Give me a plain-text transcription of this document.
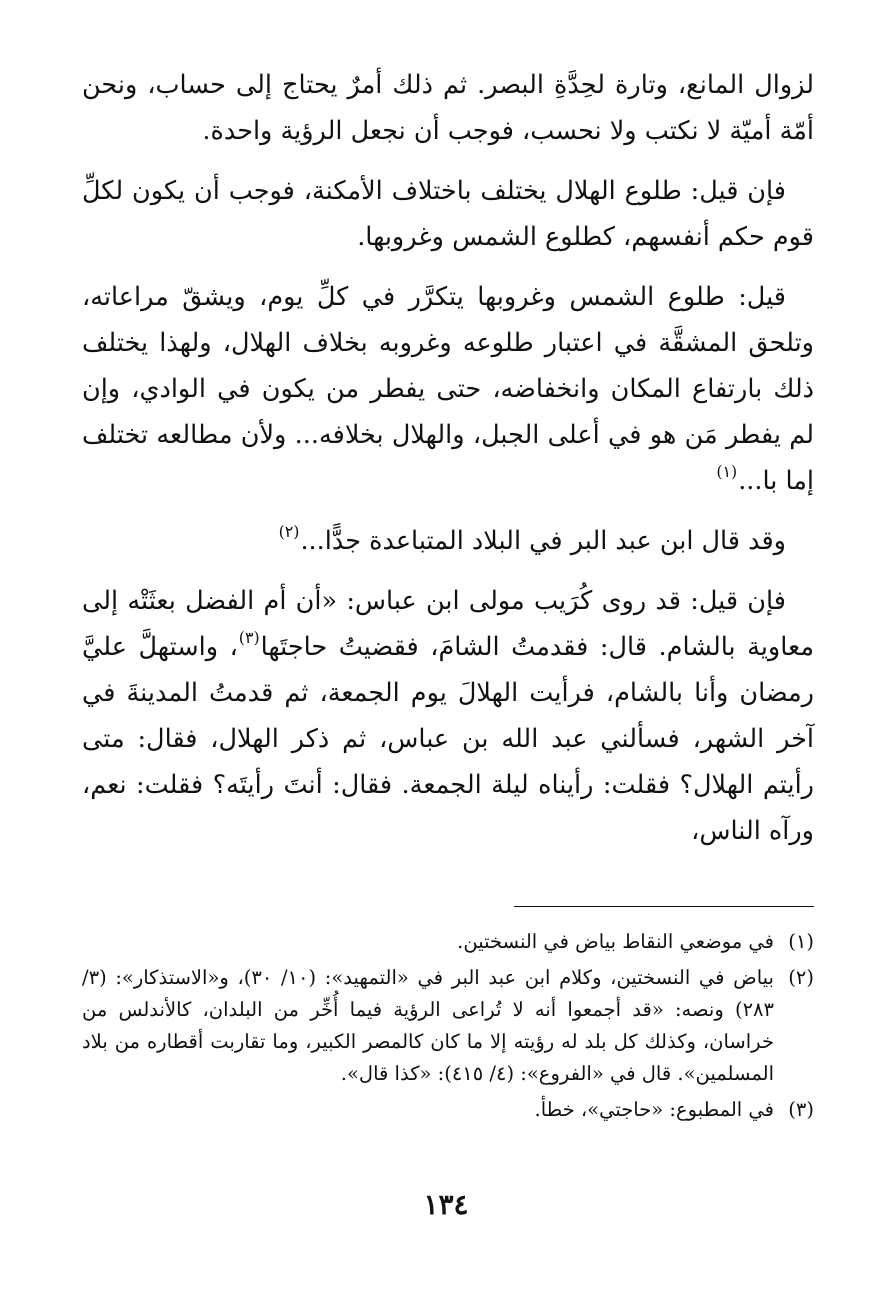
لزوال المانع، وتارة لحِدَّةِ البصر. ثم ذلك أمرٌ يحتاج إلى حساب، ونحن أمّة أميّة لا نكتب ولا نحسب، فوجب أن نجعل الرؤية واحدة.

فإن قيل: طلوع الهلال يختلف باختلاف الأمكنة، فوجب أن يكون لكلِّ قوم حكم أنفسهم، كطلوع الشمس وغروبها.

قيل: طلوع الشمس وغروبها يتكرَّر في كلِّ يوم، ويشقّ مراعاته، وتلحق المشقَّة في اعتبار طلوعه وغروبه بخلاف الهلال، ولهذا يختلف ذلك بارتفاع المكان وانخفاضه، حتى يفطر من يكون في الوادي، وإن لم يفطر مَن هو في أعلى الجبل، والهلال بخلافه... ولأن مطالعه تختلف إما با...$^{(١)}$

وقد قال ابن عبد البر في البلاد المتباعدة جدًّا...$^{(٢)}$

فإن قيل: قد روى كُرَيب مولى ابن عباس: «أن أم الفضل بعثَتْه إلى معاوية بالشام. قال: فقدمتُ الشامَ، فقضيتُ حاجتَها$^{(٣)}$، واستهلَّ عليَّ رمضان وأنا بالشام، فرأيت الهلالَ يوم الجمعة، ثم قدمتُ المدينةَ في آخر الشهر، فسألني عبد الله بن عباس، ثم ذكر الهلال، فقال: متى رأيتم الهلال؟ فقلت: رأيناه ليلة الجمعة. فقال: أنتَ رأيتَه؟ فقلت: نعم، ورآه الناس،

(١)
في موضعي النقاط بياض في النسختين.
(٢)
بياض في النسختين، وكلام ابن عبد البر في «التمهيد»: (١٠/ ٣٠)، و«الاستذكار»: (٣/ ٢٨٣) ونصه: «قد أجمعوا أنه لا تُراعى الرؤية فيما أُخِّر من البلدان، كالأندلس من خراسان، وكذلك كل بلد له رؤيته إلا ما كان كالمصر الكبير، وما تقاربت أقطاره من بلاد المسلمين». قال في «الفروع»: (٤/ ٤١٥): «كذا قال».
(٣)
في المطبوع: «حاجتي»، خطأ.
١٣٤
